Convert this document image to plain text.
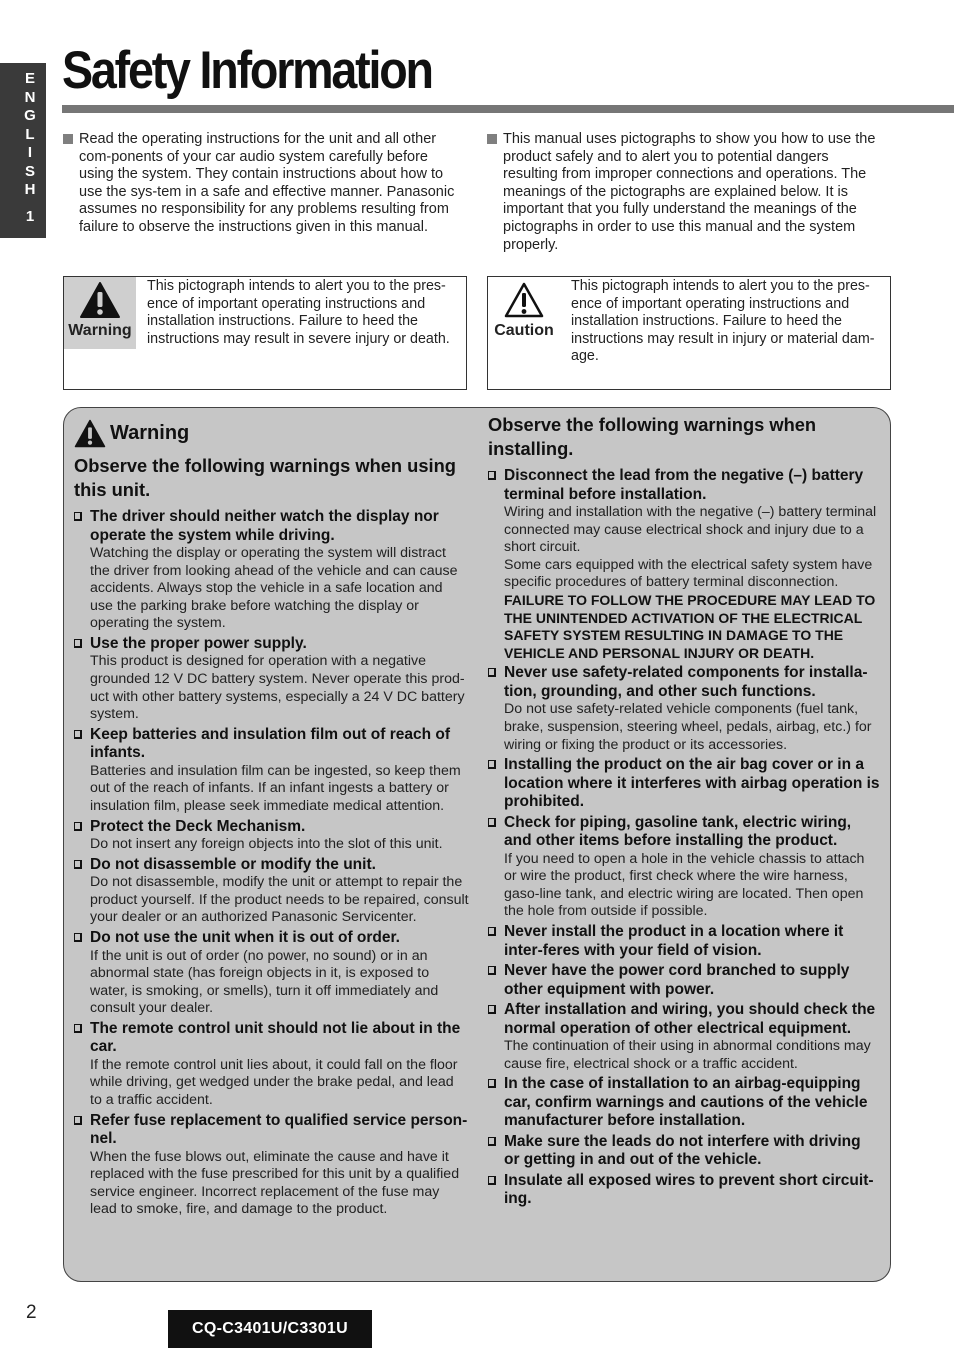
E
N
G
L
I
S
H
1
Safety Information
Read the operating instructions for the unit and all other com-ponents of your car audio system carefully before using the system. They contain instructions about how to use the sys-tem in a safe and effective manner. Panasonic assumes no responsibility for any problems resulting from failure to observe the instructions given in this manual.
This manual uses pictographs to show you how to use the product safely and to alert you to potential dangers resulting from improper connections and operations. The meanings of the pictographs are explained below. It is important that you fully understand the meanings of the pictographs in order to use this manual and the system properly.
Warning
This pictograph intends to alert you to the pres-ence of important operating instructions and installation instructions. Failure to heed the instructions may result in severe injury or death.	Caution
This pictograph intends to alert you to the pres-ence of important operating instructions and installation instructions. Failure to heed the instructions may result in injury or material dam-age.
Warning
Observe the following warnings when using this unit.
The driver should neither watch the display nor operate the system while driving.
Watching the display or operating the system will distract the driver from looking ahead of the vehicle and can cause accidents. Always stop the vehicle in a safe location and use the parking brake before watching the display or operating the system.
Use the proper power supply.
This product is designed for operation with a negative grounded 12 V DC battery system. Never operate this prod-uct with other battery systems, especially a 24 V DC battery system.
Keep batteries and insulation film out of reach of infants.
Batteries and insulation film can be ingested, so keep them out of the reach of infants. If an infant ingests a battery or insulation film, please seek immediate medical attention.
Protect the Deck Mechanism.
Do not insert any foreign objects into the slot of this unit.
Do not disassemble or modify the unit.
Do not disassemble, modify the unit or attempt to repair the product yourself. If the product needs to be repaired, consult your dealer or an authorized Panasonic Servicenter.
Do not use the unit when it is out of order.
If the unit is out of order (no power, no sound) or in an abnormal state (has foreign objects in it, is exposed to water, is smoking, or smells), turn it off immediately and consult your dealer.
The remote control unit should not lie about in the car.
If the remote control unit lies about, it could fall on the floor while driving, get wedged under the brake pedal, and lead to a traffic accident.
Refer fuse replacement to qualified service person-nel.
When the fuse blows out, eliminate the cause and have it replaced with the fuse prescribed for this unit by a qualified service engineer. Incorrect replacement of the fuse may lead to smoke, fire, and damage to the product.
Observe the following warnings when installing.
Disconnect the lead from the negative (–) battery terminal before installation.
Wiring and installation with the negative (–) battery terminal connected may cause electrical shock and injury due to a short circuit.
Some cars equipped with the electrical safety system have specific procedures of battery terminal disconnection.
FAILURE TO FOLLOW THE PROCEDURE MAY LEAD TO THE UNINTENDED ACTIVATION OF THE ELECTRICAL SAFETY SYSTEM RESULTING IN DAMAGE TO THE VEHICLE AND PERSONAL INJURY OR DEATH.
Never use safety-related components for installa-tion, grounding, and other such functions.
Do not use safety-related vehicle components (fuel tank, brake, suspension, steering wheel, pedals, airbag, etc.) for wiring or fixing the product or its accessories.
Installing the product on the air bag cover or in a location where it interferes with airbag operation is prohibited.
Check for piping, gasoline tank, electric wiring, and other items before installing the product.
If you need to open a hole in the vehicle chassis to attach or wire the product, first check where the wire harness, gaso-line tank, and electric wiring are located. Then open the hole from outside if possible.
Never install the product in a location where it inter-feres with your field of vision.
Never have the power cord branched to supply other equipment with power.
After installation and wiring, you should check the normal operation of other electrical equipment.
The continuation of their using in abnormal conditions may cause fire, electrical shock or a traffic accident.
In the case of installation to an airbag-equipping car, confirm warnings and cautions of the vehicle manufacturer before installation.
Make sure the leads do not interfere with driving or getting in and out of the vehicle.
Insulate all exposed wires to prevent short circuit-ing.
2
CQ-C3401U/C3301U
